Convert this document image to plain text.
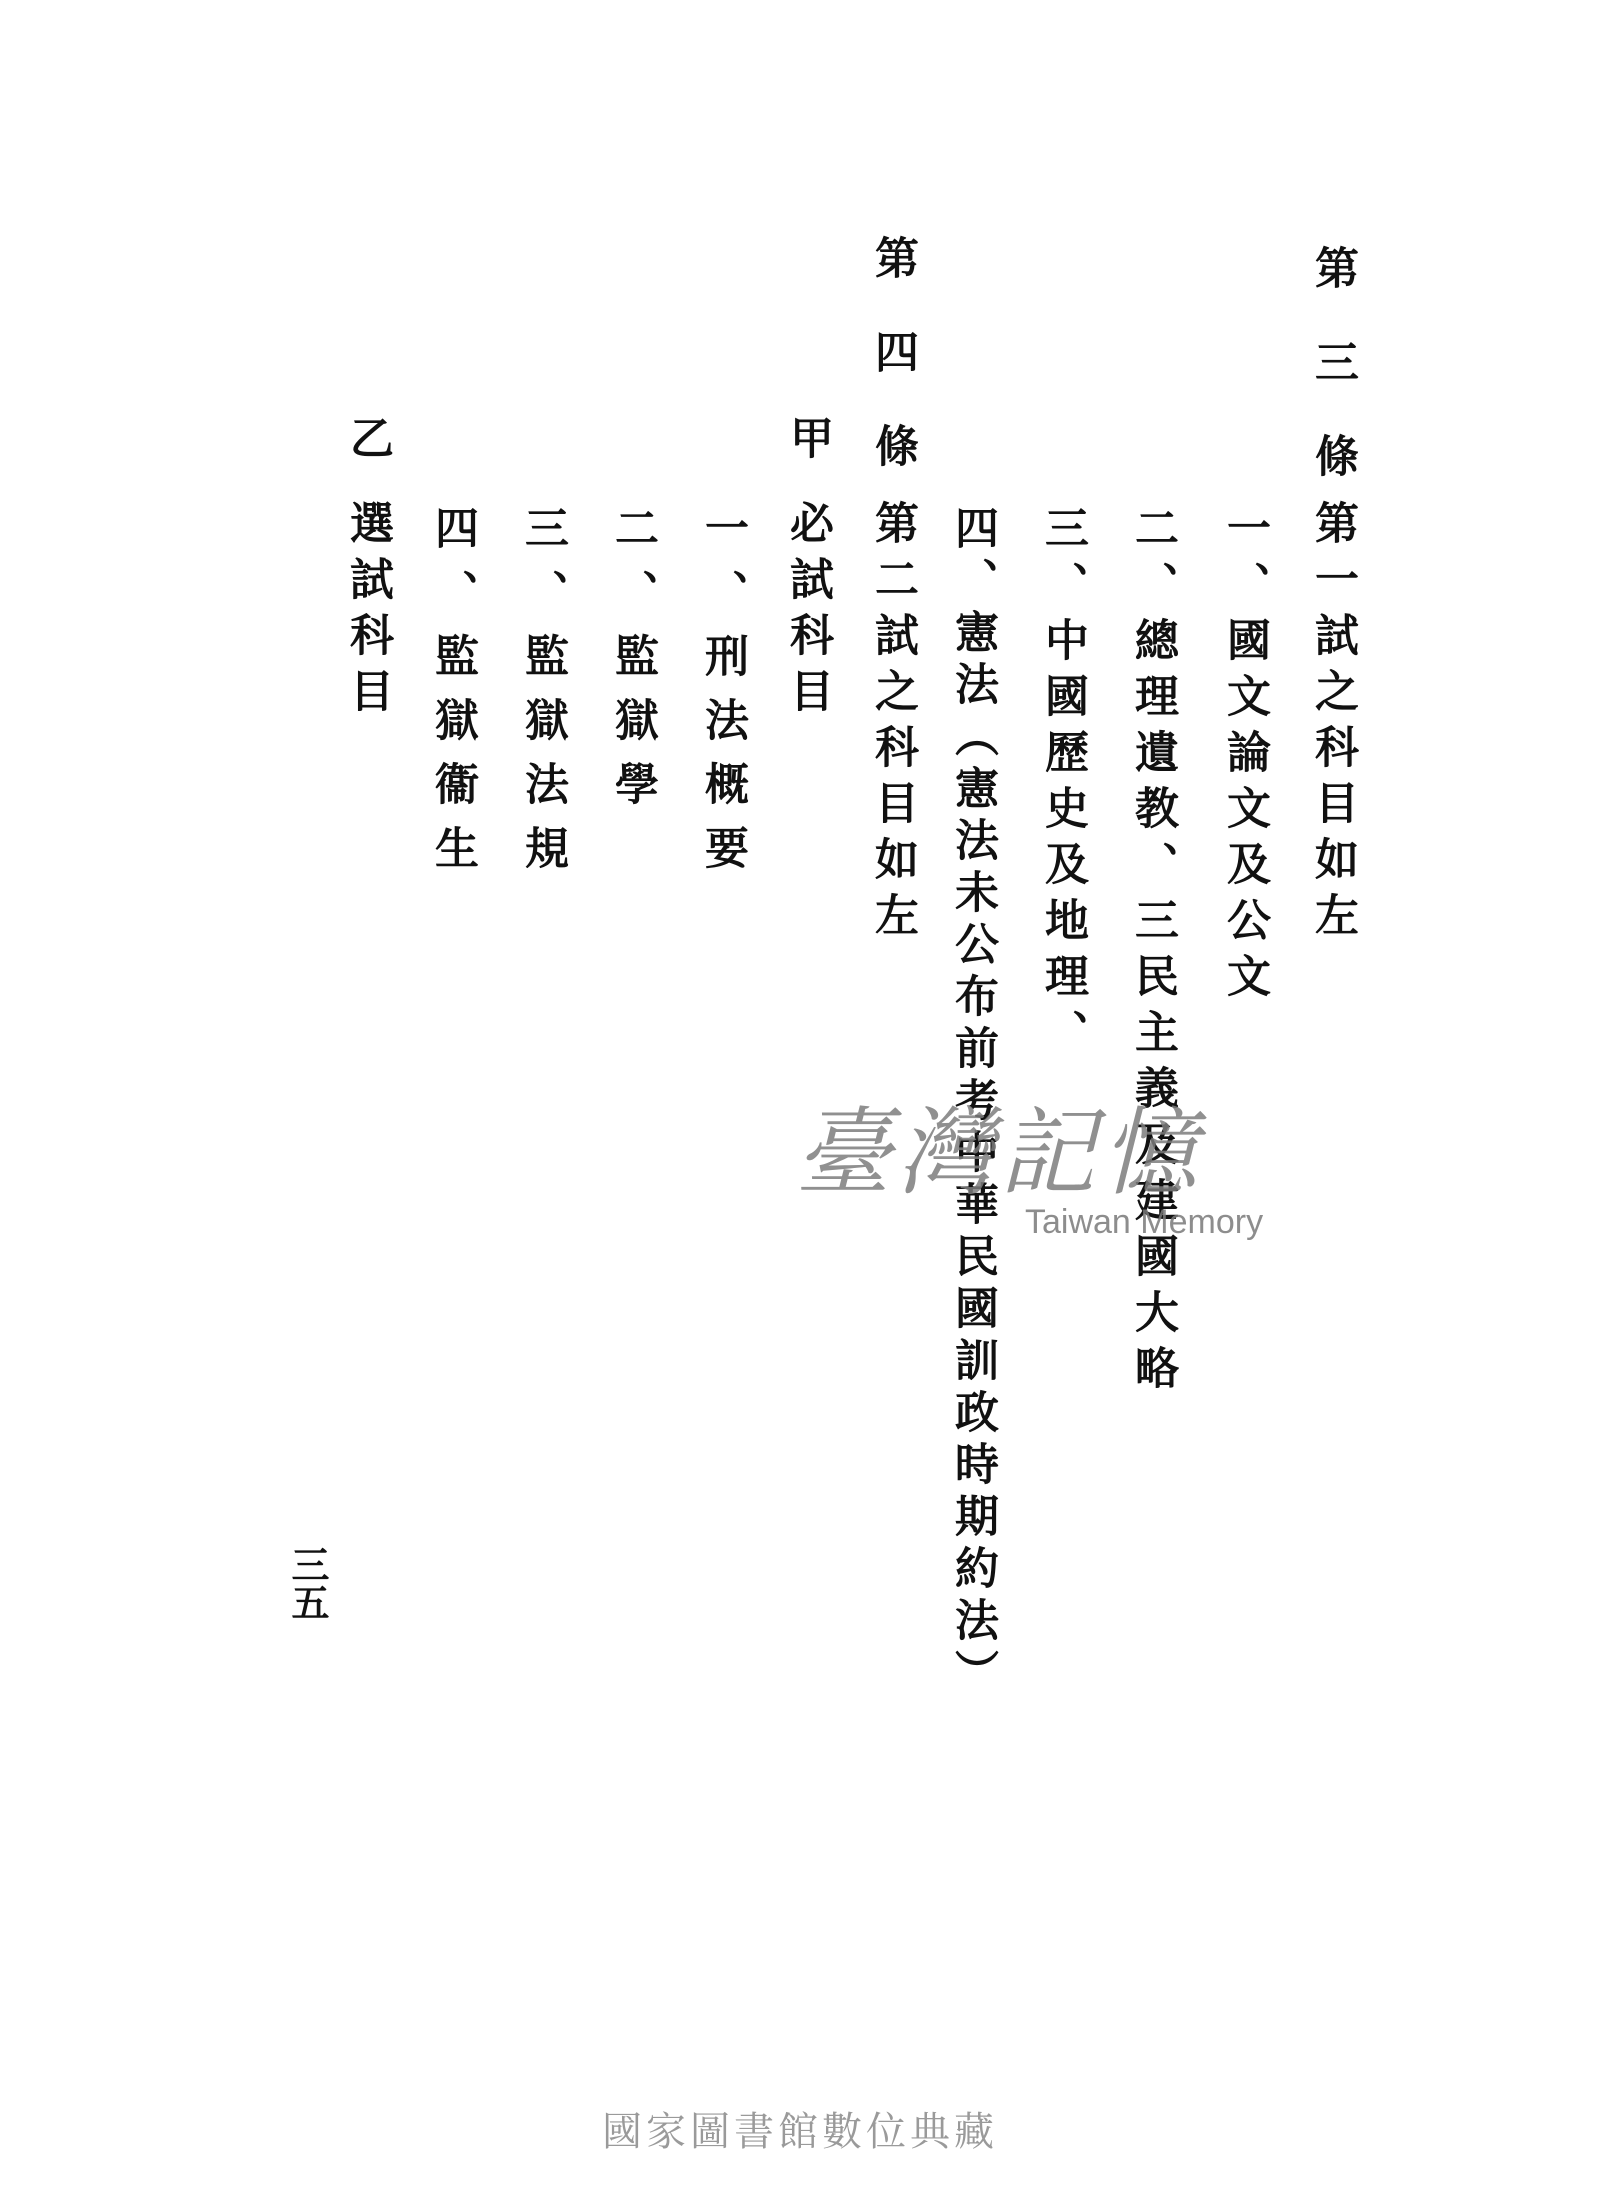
第三條
第一試之科目如左
一、國文論文及公文
二、總理遺教、三民主義及建國大略
三、中國歷史及地理、
四、憲法（憲法未公布前考中華民國訓政時期約法）
第四條
第二試之科目如左
甲
必試科目
一、刑法概要
二、監獄學
三、監獄法規
四、監獄衞生
乙
選試科目
三五
臺灣記憶
Taiwan Memory
國家圖書館數位典藏
